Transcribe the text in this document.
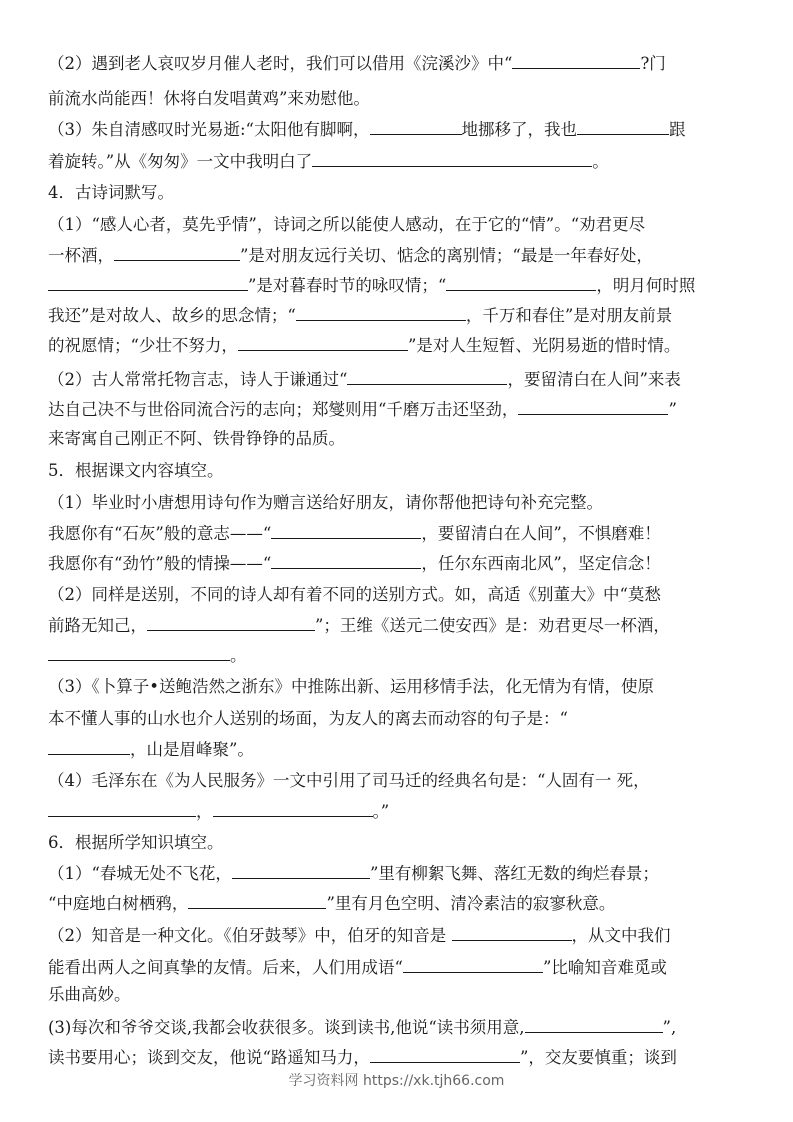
（2）遇到老人哀叹岁月催人老时，我们可以借用《浣溪沙》中“	?门
前流水尚能西！休将白发唱黄鸡”来劝慰他。
（3）朱自清感叹时光易逝:“太阳他有脚啊，	地挪移了，我也	跟
着旋转。”从《匆匆》一文中我明白了	。
4．古诗词默写。
（1）“感人心者，莫先乎情”，诗词之所以能使人感动，在于它的“情”。“劝君更尽
一杯酒，	”是对朋友远行关切、惦念的离别情；“最是一年春好处，
”是对暮春时节的咏叹情；“	，明月何时照
我还”是对故人、故乡的思念情；“	，千万和春住”是对朋友前景
的祝愿情；“少壮不努力，	”是对人生短暂、光阴易逝的惜时情。
（2）古人常常托物言志，诗人于谦通过“	，要留清白在人间”来表
达自己决不与世俗同流合污的志向；郑燮则用“千磨万击还坚劲，	”
来寄寓自己刚正不阿、铁骨铮铮的品质。
5．根据课文内容填空。
（1）毕业时小唐想用诗句作为赠言送给好朋友，请你帮他把诗句补充完整。
我愿你有“石灰”般的意志——“	，要留清白在人间”，不惧磨难！
我愿你有“劲竹”般的情操——“	，任尔东西南北风”，坚定信念！
（2）同样是送别，不同的诗人却有着不同的送别方式。如，高适《别董大》中“莫愁
前路无知己，	”；王维《送元二使安西》是：劝君更尽一杯酒，
。
（3）《卜算子•送鲍浩然之浙东》中推陈出新、运用移情手法，化无情为有情，使原
本不懂人事的山水也介人送别的场面，为友人的离去而动容的句子是：“
，山是眉峰聚”。
（4）毛泽东在《为人民服务》一文中引用了司马迁的经典名句是：“人固有一 死，
，	。”
6．根据所学知识填空。
（1）“春城无处不飞花，	”里有柳絮飞舞、落红无数的绚烂春景；
“中庭地白树栖鸦，	”里有月色空明、清冷素洁的寂寥秋意。
（2）知音是一种文化。《伯牙鼓琴》中，伯牙的知音是	，从文中我们
能看出两人之间真挚的友情。后来，人们用成语“	”比喻知音难觅或
乐曲高妙。
(3)每次和爷爷交谈,我都会收获很多。谈到读书,他说“读书须用意,	”,
读书要用心；谈到交友，他说“路遥知马力，	”，交友要慎重；谈到
学习资料网 https://xk.tjh66.com
